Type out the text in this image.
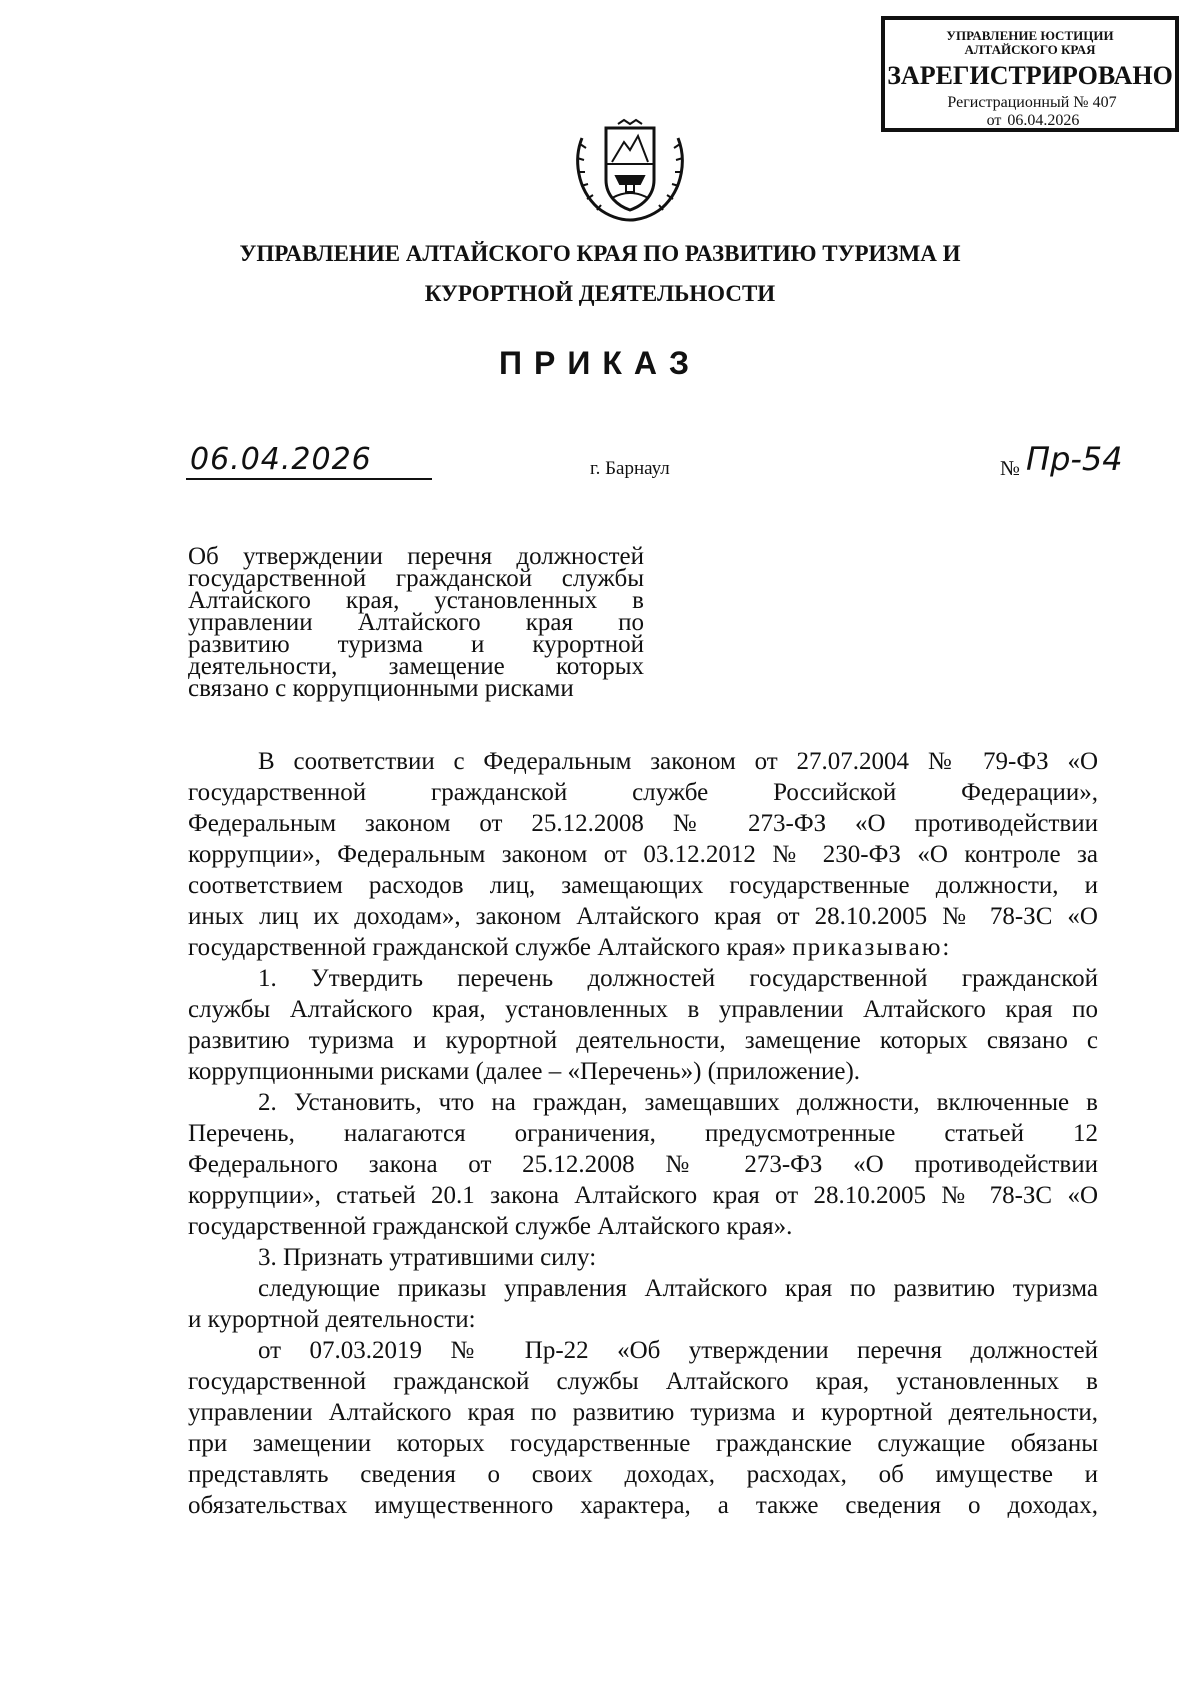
УПРАВЛЕНИЕ ЮСТИЦИИ
АЛТАЙСКОГО КРАЯ
ЗАРЕГИСТРИРОВАНО
Регистрационный № 407
от 06.04.2026
УПРАВЛЕНИЕ АЛТАЙСКОГО КРАЯ ПО РАЗВИТИЮ ТУРИЗМА И
КУРОРТНОЙ ДЕЯТЕЛЬНОСТИ
ПРИКАЗ
06.04.2026	г. Барнаул	№ Пр-54
Об утверждении перечня должностей
государственной гражданской службы
Алтайского края, установленных в
управлении Алтайского края по
развитию туризма и курортной
деятельности, замещение которых
связано с коррупционными рисками
В соответствии с Федеральным законом от 27.07.2004 № 79-ФЗ «О
государственной гражданской службе Российской Федерации»,
Федеральным законом от 25.12.2008 № 273-ФЗ «О противодействии
коррупции», Федеральным законом от 03.12.2012 № 230-ФЗ «О контроле за
соответствием расходов лиц, замещающих государственные должности, и
иных лиц их доходам», законом Алтайского края от 28.10.2005 № 78-ЗС «О
государственной гражданской службе Алтайского края» приказываю:
1. Утвердить перечень должностей государственной гражданской
службы Алтайского края, установленных в управлении Алтайского края по
развитию туризма и курортной деятельности, замещение которых связано с
коррупционными рисками (далее – «Перечень») (приложение).
2. Установить, что на граждан, замещавших должности, включенные в
Перечень, налагаются ограничения, предусмотренные статьей 12
Федерального закона от 25.12.2008 № 273-ФЗ «О противодействии
коррупции», статьей 20.1 закона Алтайского края от 28.10.2005 № 78-ЗС «О
государственной гражданской службе Алтайского края».
3. Признать утратившими силу:
следующие приказы управления Алтайского края по развитию туризма
и курортной деятельности:
от 07.03.2019 № Пр-22 «Об утверждении перечня должностей
государственной гражданской службы Алтайского края, установленных в
управлении Алтайского края по развитию туризма и курортной деятельности,
при замещении которых государственные гражданские служащие обязаны
представлять сведения о своих доходах, расходах, об имуществе и
обязательствах имущественного характера, а также сведения о доходах,
